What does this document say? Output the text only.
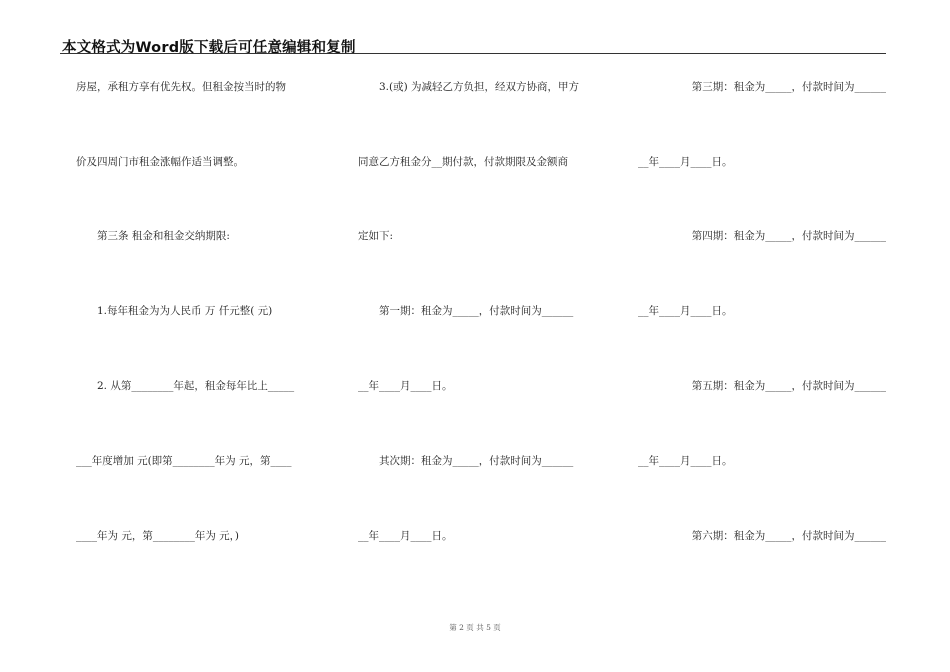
本文格式为Word版下载后可任意编辑和复制
房屋，承租方享有优先权。但租金按当时的物
价及四周门市租金涨幅作适当调整。
　　第三条 租金和租金交纳期限:
　　1.每年租金为为人民币 万 仟元整( 元)
　　2. 从第________年起，租金每年比上_____
___年度增加 元(即第________年为 元，第____
____年为 元，第________年为 元，)
　　3.(或) 为减轻乙方负担，经双方协商，甲方
同意乙方租金分__期付款，付款期限及金额商
定如下:
　　第一期：租金为_____，付款时间为______
__年____月____日。
　　其次期：租金为_____，付款时间为______
__年____月____日。
第三期：租金为_____，付款时间为______
__年____月____日。
第四期：租金为_____，付款时间为______
__年____月____日。
第五期：租金为_____，付款时间为______
__年____月____日。
第六期：租金为_____，付款时间为______
第 2 页 共 5 页
